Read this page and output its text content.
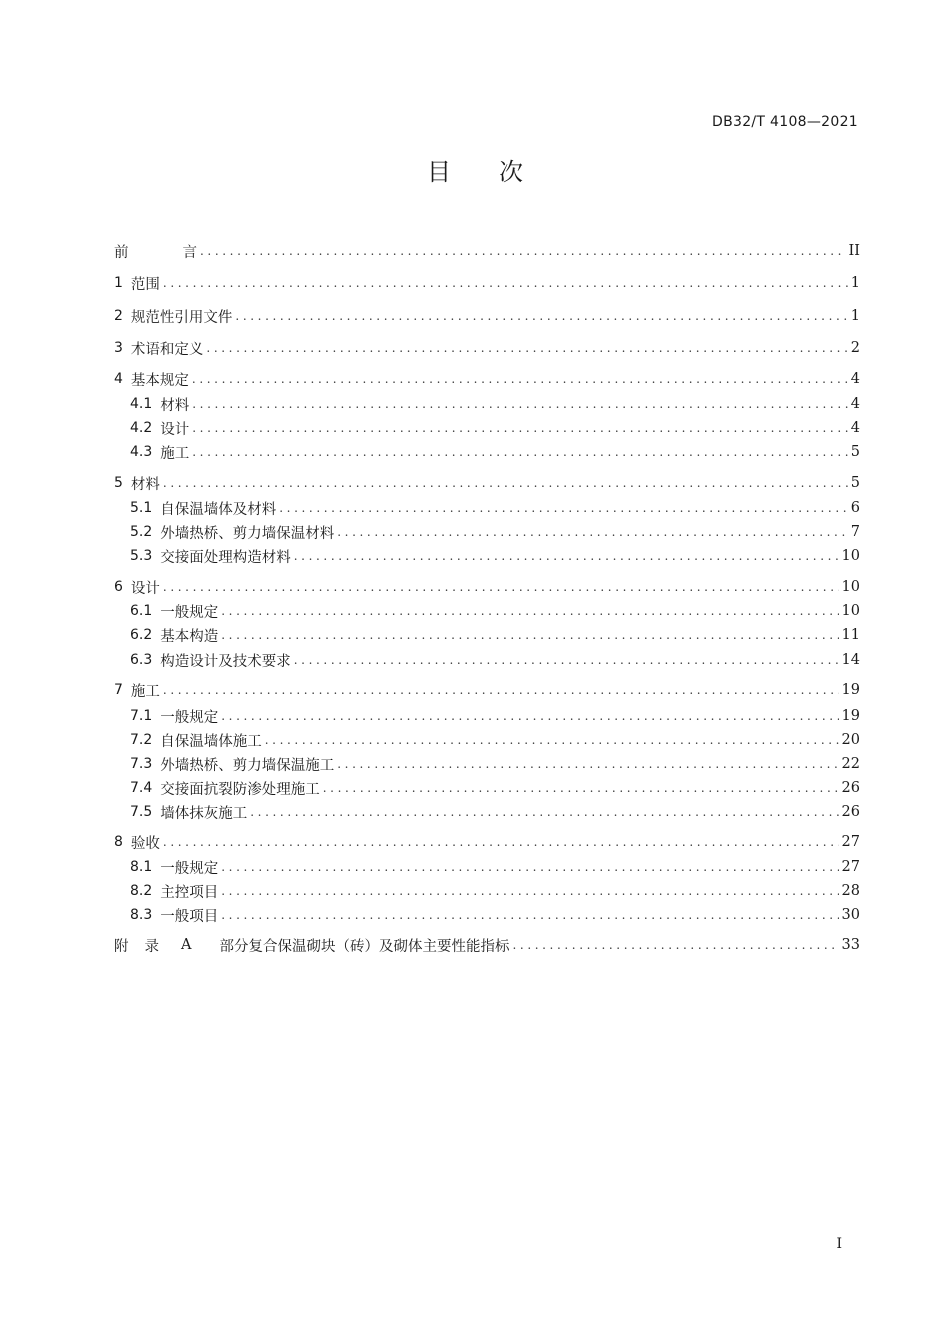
DB32/T 4108—2021
目次
前	言 .....	II
1 范围 .....	1
2 规范性引用文件 .....	1
3 术语和定义 .....	2
4 基本规定 .....	4
4.1 材料 .....	4
4.2 设计 .....	4
4.3 施工 .....	5
5 材料 .....	5
5.1 自保温墙体及材料 .....	6
5.2 外墙热桥、剪力墙保温材料 .....	7
5.3 交接面处理构造材料 .....	10
6 设计 .....	10
6.1 一般规定 .....	10
6.2 基本构造 .....	11
6.3 构造设计及技术要求 .....	14
7 施工 .....	19
7.1 一般规定 .....	19
7.2 自保温墙体施工 .....	20
7.3 外墙热桥、剪力墙保温施工 .....	22
7.4 交接面抗裂防渗处理施工 .....	26
7.5 墙体抹灰施工 .....	26
8 验收 .....	27
8.1 一般规定 .....	27
8.2 主控项目 .....	28
8.3 一般项目 .....	30
附 录 A 部分复合保温砌块（砖）及砌体主要性能指标 .....	33
I
